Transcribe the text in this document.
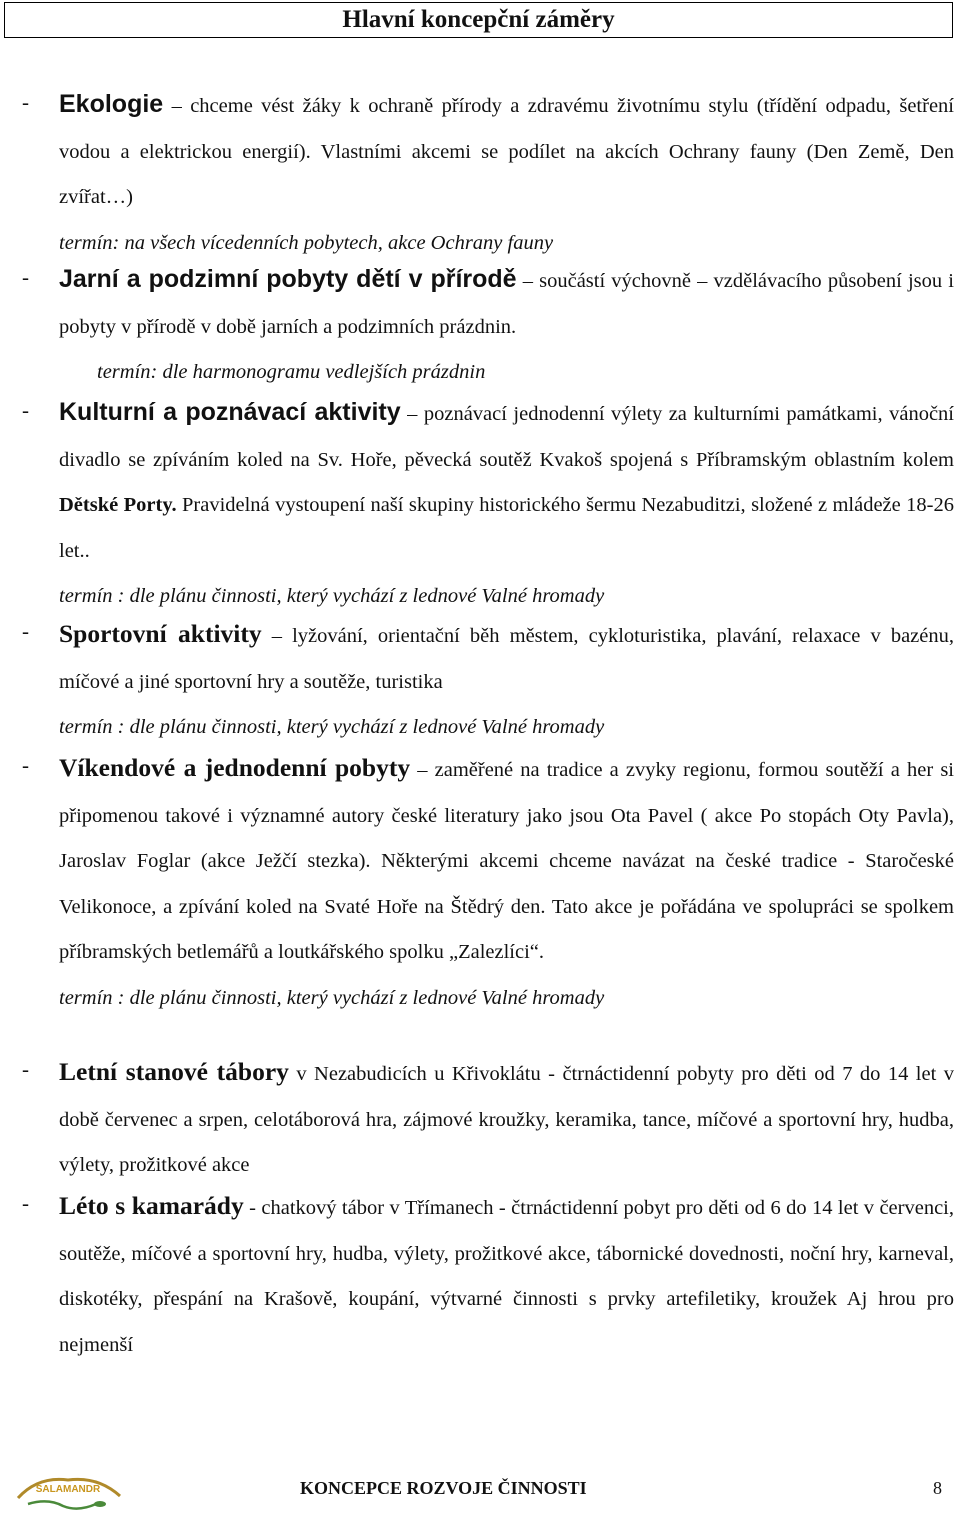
Hlavní koncepční záměry
- Ekologie – chceme vést žáky k ochraně přírody a zdravému životnímu stylu (třídění odpadu, šetření vodou a elektrickou energií). Vlastními akcemi se podílet na akcích Ochrany fauny (Den Země, Den zvířat…)
termín: na všech vícedenních pobytech, akce Ochrany fauny
- Jarní a podzimní pobyty dětí v přírodě – součástí výchovně – vzdělávacího působení jsou i pobyty v přírodě v době jarních a podzimních prázdnin.
termín: dle harmonogramu vedlejších prázdnin
- Kulturní a poznávací aktivity – poznávací jednodenní výlety za kulturními památkami, vánoční divadlo se zpíváním koled na Sv. Hoře, pěvecká soutěž Kvakoš spojená s Příbramským oblastním kolem Dětské Porty. Pravidelná vystoupení naší skupiny historického šermu Nezabuditzi, složené z mládeže 18-26 let..
termín : dle plánu činnosti, který vychází z lednové Valné hromady
- Sportovní aktivity – lyžování, orientační běh městem, cykloturistika, plavání, relaxace v bazénu, míčové a jiné sportovní hry a soutěže, turistika
termín : dle plánu činnosti, který vychází z lednové Valné hromady
- Víkendové a jednodenní pobyty – zaměřené na tradice a zvyky regionu, formou soutěží a her si připomenou takové i významné autory české literatury jako jsou Ota Pavel ( akce Po stopách Oty Pavla), Jaroslav Foglar (akce Ježčí stezka). Některými akcemi chceme navázat na české tradice - Staročeské Velikonoce, a zpívání koled na Svaté Hoře na Štědrý den. Tato akce je pořádána ve spolupráci se spolkem příbramských betlemářů a loutkářského spolku „Zalezlíci“.
termín : dle plánu činnosti, který vychází z lednové Valné hromady
- Letní stanové tábory v Nezabudicích u Křivoklátu - čtrnáctidenní pobyty pro děti od 7 do 14 let v době červenec a srpen, celotáborová hra, zájmové kroužky, keramika, tance, míčové a sportovní hry, hudba, výlety, prožitkové akce
- Léto s kamarády - chatkový tábor v Třímanech - čtrnáctidenní pobyt pro děti od 6 do 14 let v červenci, soutěže, míčové a sportovní hry, hudba, výlety, prožitkové akce, tábornické dovednosti, noční hry, karneval, diskotéky, přespání na Krašově, koupání, výtvarné činnosti s prvky artefiletiky, kroužek Aj hrou pro nejmenší
SALAMANDR	KONCEPCE ROZVOJE ČINNOSTI	8
